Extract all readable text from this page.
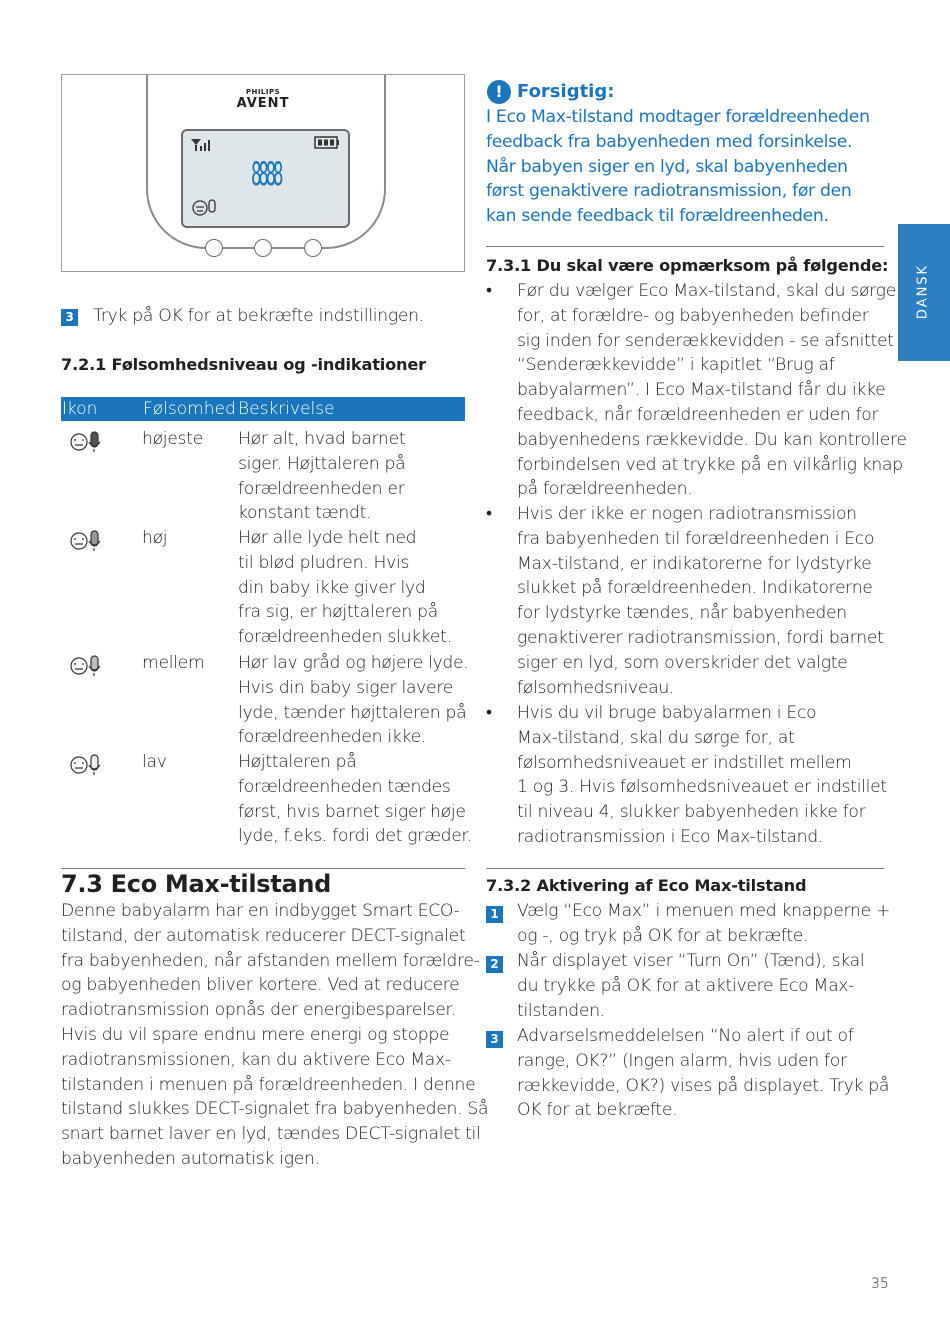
PHILIPS
AVENT
8888
3 Tryk på OK for at bekræfte indstillingen.
7.2.1 Følsomhedsniveau og -indikationer
Ikon	Følsomhed Beskrivelse
højeste Hør alt, hvad barnet
siger. Højttaleren på
forældreenheden er
konstant tændt.
høj	Hør alle lyde helt ned
til blød pludren. Hvis
din baby ikke giver lyd
fra sig, er højttaleren på
forældreenheden slukket.
mellem Hør lav gråd og højere lyde.
Hvis din baby siger lavere
lyde, tænder højttaleren på
forældreenheden ikke.
lav	Højttaleren på
forældreenheden tændes
først, hvis barnet siger høje
lyde, f.eks. fordi det græder.
7.3 Eco Max-tilstand
Denne babyalarm har en indbygget Smart ECO-
tilstand, der automatisk reducerer DECT-signalet
fra babyenheden, når afstanden mellem forældre-
og babyenheden bliver kortere. Ved at reducere
radiotransmission opnås der energibesparelser.
Hvis du vil spare endnu mere energi og stoppe
radiotransmissionen, kan du aktivere Eco Max-
tilstanden i menuen på forældreenheden. I denne
tilstand slukkes DECT-signalet fra babyenheden. Så
snart barnet laver en lyd, tændes DECT-signalet til
babyenheden automatisk igen.
! Forsigtig:
I Eco Max-tilstand modtager forældreenheden
feedback fra babyenheden med forsinkelse.
Når babyen siger en lyd, skal babyenheden
først genaktivere radiotransmission, før den
kan sende feedback til forældreenheden.
7.3.1 Du skal være opmærksom på følgende:
• Før du vælger Eco Max-tilstand, skal du sørge
for, at forældre- og babyenheden befinder
sig inden for senderækkevidden - se afsnittet
“Senderækkevidde” i kapitlet “Brug af
babyalarmen”. I Eco Max-tilstand får du ikke
feedback, når forældreenheden er uden for
babyenhedens rækkevidde. Du kan kontrollere
forbindelsen ved at trykke på en vilkårlig knap
på forældreenheden.
• Hvis der ikke er nogen radiotransmission
fra babyenheden til forældreenheden i Eco
Max-tilstand, er indikatorerne for lydstyrke
slukket på forældreenheden. Indikatorerne
for lydstyrke tændes, når babyenheden
genaktiverer radiotransmission, fordi barnet
siger en lyd, som overskrider det valgte
følsomhedsniveau.
• Hvis du vil bruge babyalarmen i Eco
Max-tilstand, skal du sørge for, at
følsomhedsniveauet er indstillet mellem
1 og 3. Hvis følsomhedsniveauet er indstillet
til niveau 4, slukker babyenheden ikke for
radiotransmission i Eco Max-tilstand.
7.3.2 Aktivering af Eco Max-tilstand
1 Vælg “Eco Max” i menuen med knapperne +
og -, og tryk på OK for at bekræfte.
2 Når displayet viser “Turn On” (Tænd), skal
du trykke på OK for at aktivere Eco Max-
tilstanden.
3 Advarselsmeddelelsen “No alert if out of
range, OK?” (Ingen alarm, hvis uden for
rækkevidde, OK?) vises på displayet. Tryk på
OK for at bekræfte.
DANSK
35
